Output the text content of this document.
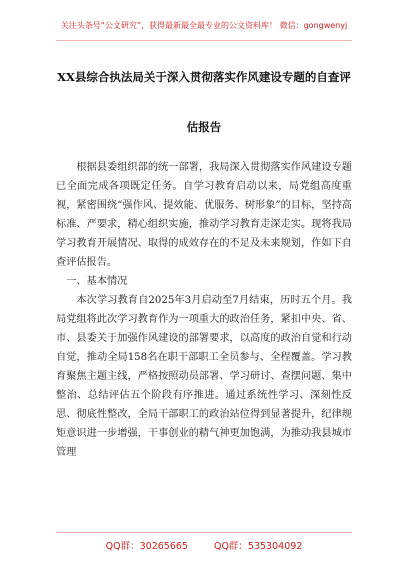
关注头条号“公文研究”，获得最新最全最专业的公文资料库！ 微信：gongwenyj
XX县综合执法局关于深入贯彻落实作风建设专题的自查评
估报告

根据县委组织部的统一部署，我局深入贯彻落实作风建设专题已全面完成各项既定任务。自学习教育启动以来，局党组高度重视，紧密围绕“强作风、提效能、优服务、树形象”的目标，坚持高标准、严要求，精心组织实施，推动学习教育走深走实。现将我局学习教育开展情况、取得的成效存在的不足及未来规划，作如下自查评估报告。

一、基本情况

本次学习教育自2025年3月启动至7月结束，历时五个月。我局党组将此次学习教育作为一项重大的政治任务，紧扣中央、省、市、县委关于加强作风建设的部署要求，以高度的政治自觉和行动自觉，推动全局158名在职干部职工全员参与、全程覆盖。学习教育聚焦主题主线，严格按照动员部署、学习研讨、查摆问题、集中整治、总结评估五个阶段有序推进。通过系统性学习、深刻性反思、彻底性整改，全局干部职工的政治站位得到显著提升，纪律规矩意识进一步增强，干事创业的精气神更加饱满，为推动我县城市管理

QQ群：30265665	QQ群：535304092
